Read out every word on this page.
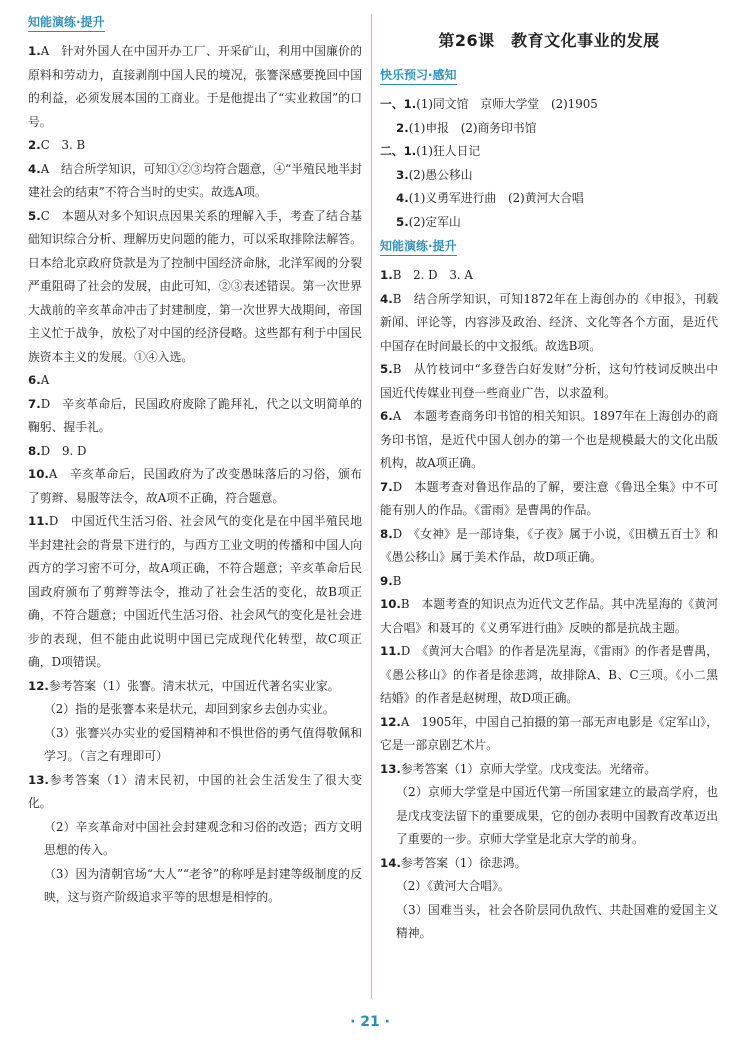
知能演练·提升
1.A　针对外国人在中国开办工厂、开采矿山，利用中国廉价的原料和劳动力，直接剥削中国人民的境况，张謇深感要挽回中国的利益，必须发展本国的工商业。于是他提出了“实业救国”的口号。
2.C　3. B
4.A　结合所学知识，可知①②③均符合题意，④“半殖民地半封建社会的结束”不符合当时的史实。故选A项。
5.C　本题从对多个知识点因果关系的理解入手，考查了结合基础知识综合分析、理解历史问题的能力，可以采取排除法解答。日本给北京政府贷款是为了控制中国经济命脉，北洋军阀的分裂严重阻碍了社会的发展，由此可知，②③表述错误。第一次世界大战前的辛亥革命冲击了封建制度，第一次世界大战期间，帝国主义忙于战争，放松了对中国的经济侵略。这些都有利于中国民族资本主义的发展。①④入选。
6.A
7.D　辛亥革命后，民国政府废除了跪拜礼，代之以文明简单的鞠躬、握手礼。
8.D　9. D
10.A　辛亥革命后，民国政府为了改变愚昧落后的习俗，颁布了剪辫、易服等法令，故A项不正确，符合题意。
11.D　中国近代生活习俗、社会风气的变化是在中国半殖民地半封建社会的背景下进行的，与西方工业文明的传播和中国人向西方的学习密不可分，故A项正确，不符合题意；辛亥革命后民国政府颁布了剪辫等法令，推动了社会生活的变化，故B项正确，不符合题意；中国近代生活习俗、社会风气的变化是社会进步的表现，但不能由此说明中国已完成现代化转型，故C项正确，D项错误。
12.参考答案（1）张謇。清末状元，中国近代著名实业家。
（2）指的是张謇本来是状元，却回到家乡去创办实业。
（3）张謇兴办实业的爱国精神和不惧世俗的勇气值得敬佩和学习。（言之有理即可）
13.参考答案（1）清末民初，中国的社会生活发生了很大变化。
（2）辛亥革命对中国社会封建观念和习俗的改造；西方文明思想的传入。
（3）因为清朝官场“大人”“老爷”的称呼是封建等级制度的反映，这与资产阶级追求平等的思想是相悖的。
第26课　教育文化事业的发展
快乐预习·感知
一、1.(1)同文馆　京师大学堂　(2)1905
2.(1)申报　(2)商务印书馆
二、1.(1)狂人日记
3.(2)愚公移山
4.(1)义勇军进行曲　(2)黄河大合唱
5.(2)定军山
知能演练·提升
1.B　2. D　3. A
4.B　结合所学知识，可知1872年在上海创办的《申报》，刊载新闻、评论等，内容涉及政治、经济、文化等各个方面，是近代中国存在时间最长的中文报纸。故选B项。
5.B　从竹枝词中“多登告白好发财”分析，这句竹枝词反映出中国近代传媒业刊登一些商业广告，以求盈利。
6.A　本题考查商务印书馆的相关知识。1897年在上海创办的商务印书馆，是近代中国人创办的第一个也是规模最大的文化出版机构，故A项正确。
7.D　本题考查对鲁迅作品的了解，要注意《鲁迅全集》中不可能有别人的作品。《雷雨》是曹禺的作品。
8.D　《女神》是一部诗集，《子夜》属于小说，《田横五百士》和《愚公移山》属于美术作品，故D项正确。
9.B
10.B　本题考查的知识点为近代文艺作品。其中冼星海的《黄河大合唱》和聂耳的《义勇军进行曲》反映的都是抗战主题。
11.D　《黄河大合唱》的作者是冼星海，《雷雨》的作者是曹禺，《愚公移山》的作者是徐悲鸿，故排除A、B、C三项。《小二黑结婚》的作者是赵树理，故D项正确。
12.A　1905年，中国自己拍摄的第一部无声电影是《定军山》，它是一部京剧艺术片。
13.参考答案（1）京师大学堂。戊戌变法。光绪帝。
（2）京师大学堂是中国近代第一所国家建立的最高学府，也是戊戌变法留下的重要成果，它的创办表明中国教育改革迈出了重要的一步。京师大学堂是北京大学的前身。
14.参考答案（1）徐悲鸿。
（2）《黄河大合唱》。
（3）国难当头，社会各阶层同仇敌忾、共赴国难的爱国主义精神。
· 21 ·
